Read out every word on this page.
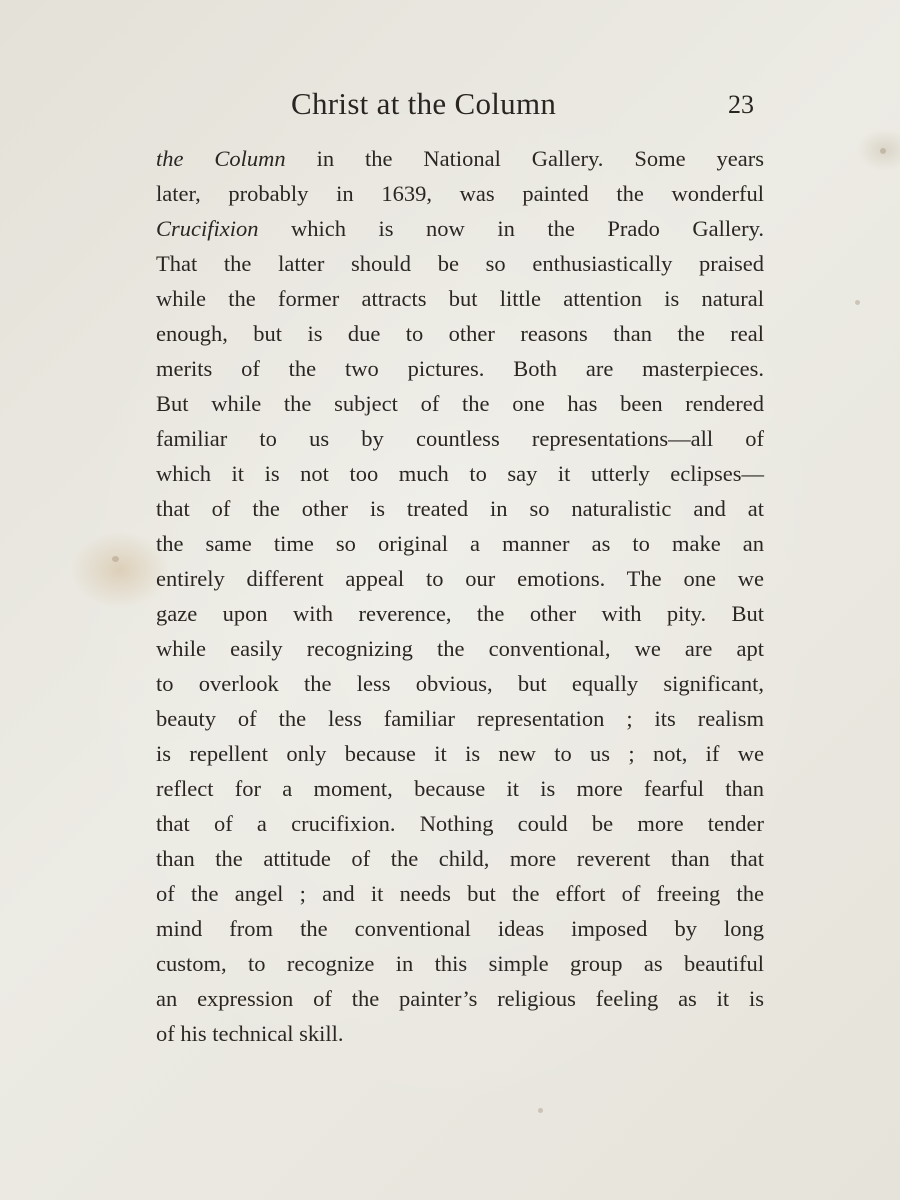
Christ at the Column	23
the Column in the National Gallery. Some years
later, probably in 1639, was painted the wonderful
Crucifixion which is now in the Prado Gallery.
That the latter should be so enthusiastically praised
while the former attracts but little attention is natural
enough, but is due to other reasons than the real
merits of the two pictures. Both are masterpieces.
But while the subject of the one has been rendered
familiar to us by countless representations—all of
which it is not too much to say it utterly eclipses—
that of the other is treated in so naturalistic and at
the same time so original a manner as to make an
entirely different appeal to our emotions. The one we
gaze upon with reverence, the other with pity. But
while easily recognizing the conventional, we are apt
to overlook the less obvious, but equally significant,
beauty of the less familiar representation ; its realism
is repellent only because it is new to us ; not, if we
reflect for a moment, because it is more fearful than
that of a crucifixion. Nothing could be more tender
than the attitude of the child, more reverent than that
of the angel ; and it needs but the effort of freeing the
mind from the conventional ideas imposed by long
custom, to recognize in this simple group as beautiful
an expression of the painter’s religious feeling as it is
of his technical skill.
